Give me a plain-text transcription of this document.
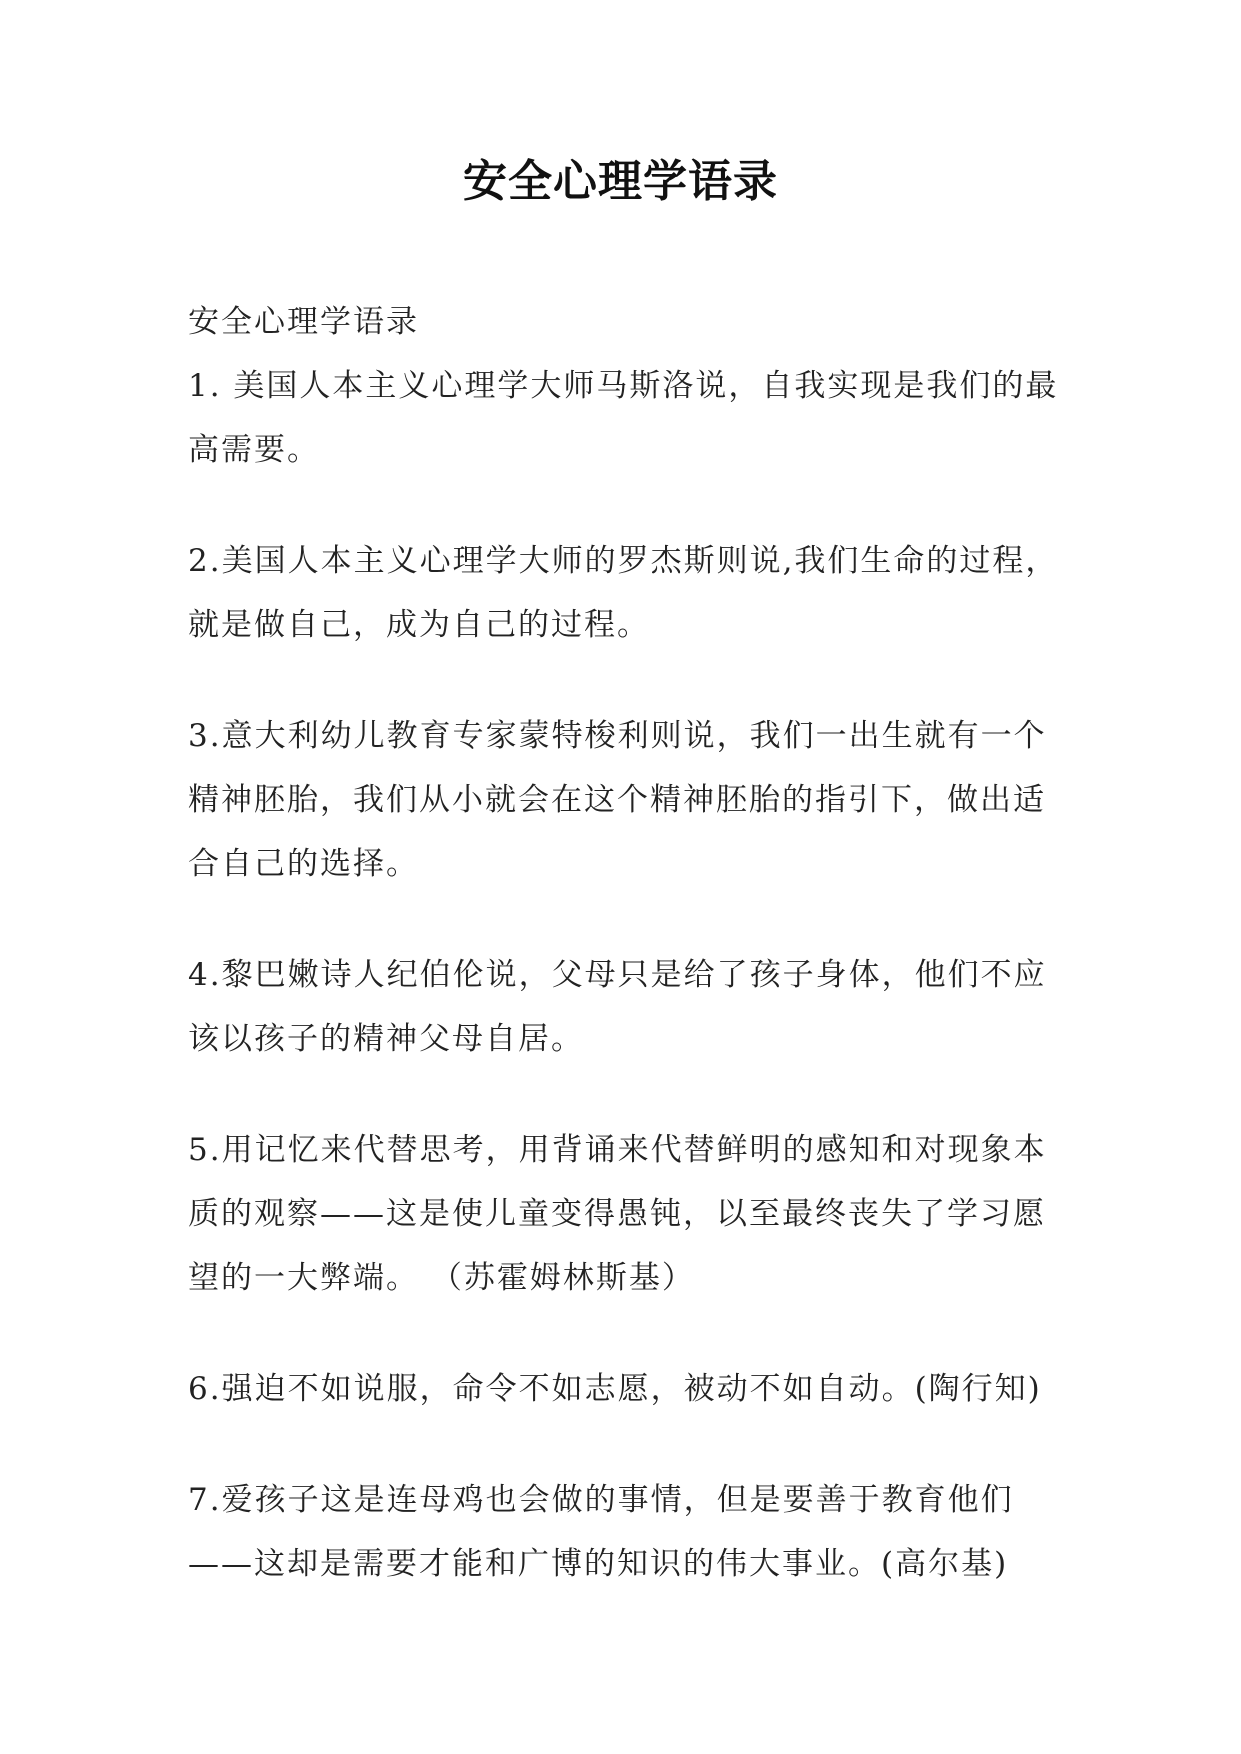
安全心理学语录

安全心理学语录

1. 美国人本主义心理学大师马斯洛说，自我实现是我们的最高需要。

2.美国人本主义心理学大师的罗杰斯则说,我们生命的过程，就是做自己，成为自己的过程。

3.意大利幼儿教育专家蒙特梭利则说，我们一出生就有一个精神胚胎，我们从小就会在这个精神胚胎的指引下，做出适合自己的选择。

4.黎巴嫩诗人纪伯伦说，父母只是给了孩子身体，他们不应该以孩子的精神父母自居。

5.用记忆来代替思考，用背诵来代替鲜明的感知和对现象本质的观察——这是使儿童变得愚钝，以至最终丧失了学习愿望的一大弊端。 （苏霍姆林斯基）

6.强迫不如说服，命令不如志愿，被动不如自动。(陶行知)

7.爱孩子这是连母鸡也会做的事情，但是要善于教育他们——这却是需要才能和广博的知识的伟大事业。(高尔基)
